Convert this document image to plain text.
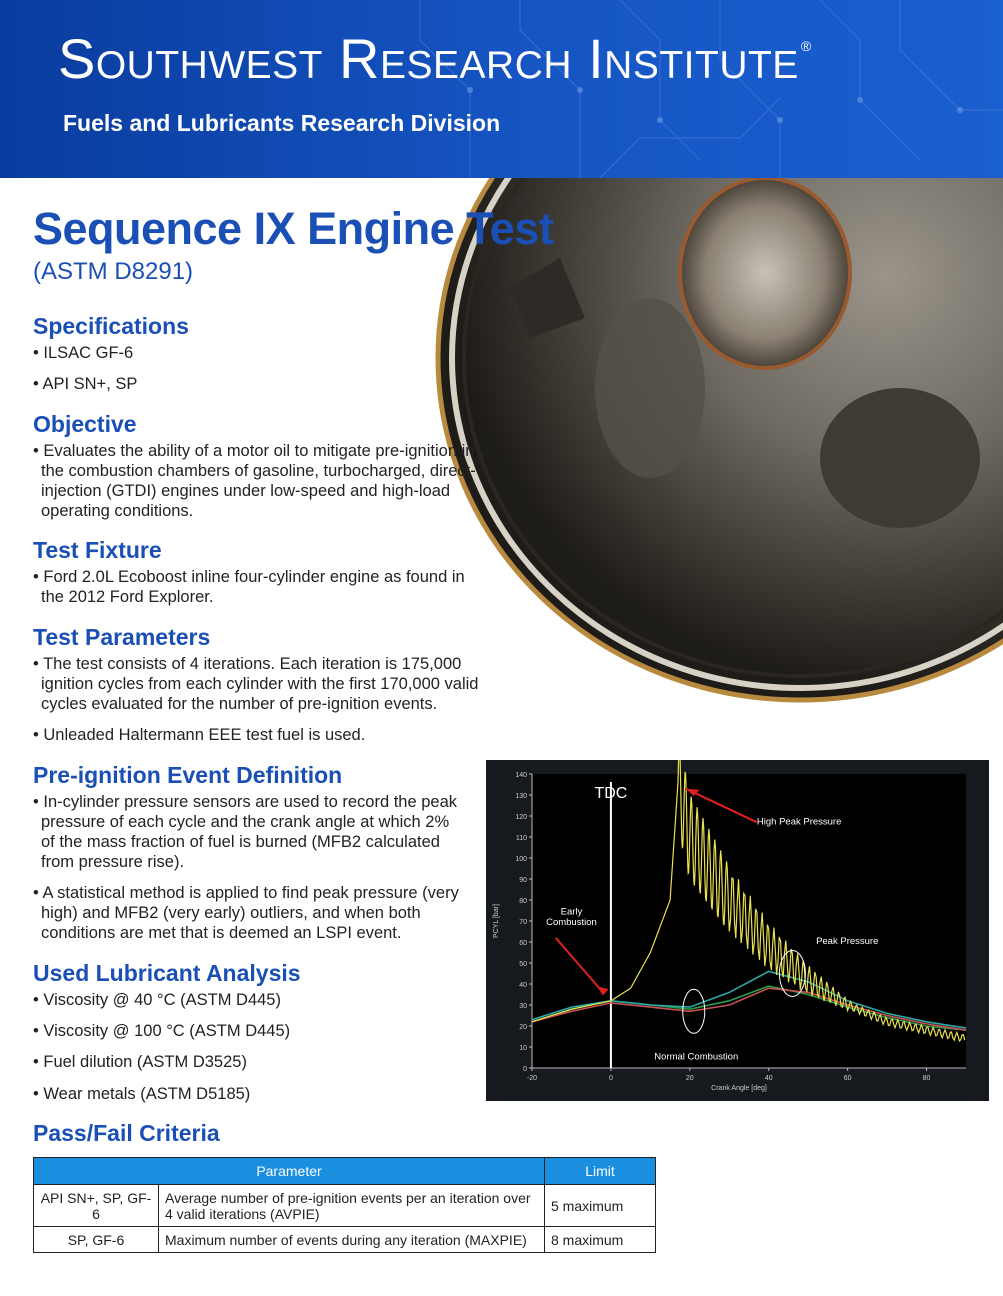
Southwest Research Institute ®
Fuels and Lubricants Research Division
Sequence IX Engine Test
(ASTM D8291)
Specifications

• ILSAC GF-6

• API SN+, SP

Objective

• Evaluates the ability of a motor oil to mitigate pre-ignition in the combustion chambers of gasoline, turbocharged, direct-injection (GTDI) engines under low-speed and high-load operating conditions.

Test Fixture

• Ford 2.0L Ecoboost inline four-cylinder engine as found in the 2012 Ford Explorer.

Test Parameters

• The test consists of 4 iterations. Each iteration is 175,000 ignition cycles from each cylinder with the first 170,000 valid cycles evaluated for the number of pre-ignition events.

• Unleaded Haltermann EEE test fuel is used.

Pre-ignition Event Definition

• In-cylinder pressure sensors are used to record the peak pressure of each cycle and the crank angle at which 2% of the mass fraction of fuel is burned (MFB2 calculated from pressure rise).

• A statistical method is applied to find peak pressure (very high) and MFB2 (very early) outliers, and when both conditions are met that is deemed an LSPI event.

Used Lubricant Analysis

• Viscosity @ 40 °C (ASTM D445)

• Viscosity @ 100 °C (ASTM D445)

• Fuel dilution (ASTM D3525)

• Wear metals (ASTM D5185)

0
10
20
30
40
50
60
70
80
90
100
110
120
130
140
-20	0	20	40	60	80
Crank Angle [deg]
PCYL [bar]
TDC
High Peak Pressure
Early
Combustion
Peak Pressure
Normal Combustion
Pass/Fail Criteria
Parameter		Limit
API SN+, SP, GF-6	Average number of pre-ignition events per an iteration over 4 valid iterations (AVPIE)	5 maximum
SP, GF-6	Maximum number of events during any iteration (MAXPIE)	8 maximum
